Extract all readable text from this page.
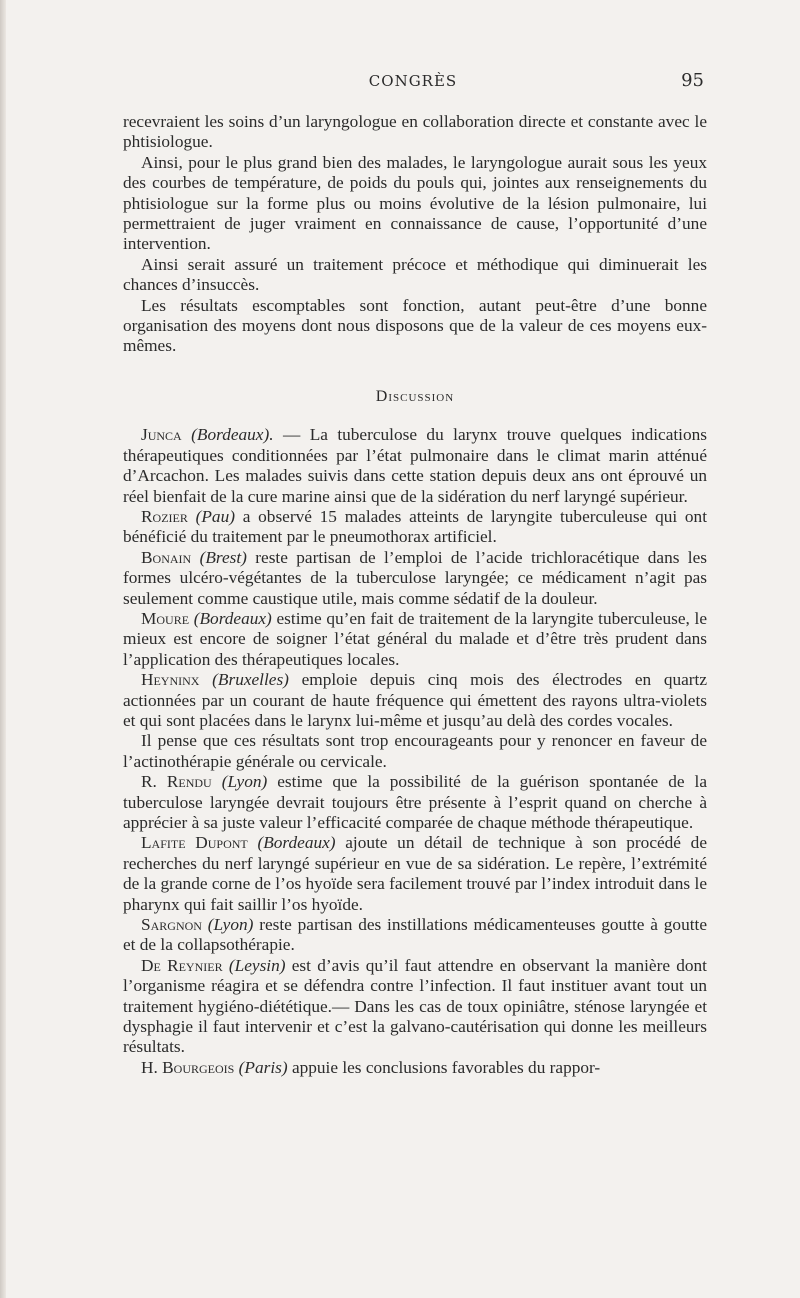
CONGRÈS	95

recevraient les soins d’un laryngologue en collaboration directe et constante avec le phtisiologue.

Ainsi, pour le plus grand bien des malades, le laryngologue aurait sous les yeux des courbes de température, de poids du pouls qui, jointes aux renseignements du phtisiologue sur la forme plus ou moins évolutive de la lésion pulmonaire, lui permettraient de juger vraiment en connaissance de cause, l’opportunité d’une intervention.

Ainsi serait assuré un traitement précoce et méthodique qui diminuerait les chances d’insuccès.

Les résultats escomptables sont fonction, autant peut-être d’une bonne organisation des moyens dont nous disposons que de la valeur de ces moyens eux-mêmes.

Discussion

Junca (Bordeaux). — La tuberculose du larynx trouve quelques indications thérapeutiques conditionnées par l’état pulmonaire dans le climat marin atténué d’Arcachon. Les malades suivis dans cette station depuis deux ans ont éprouvé un réel bienfait de la cure marine ainsi que de la sidération du nerf laryngé supérieur.

Rozier (Pau) a observé 15 malades atteints de laryngite tuberculeuse qui ont bénéficié du traitement par le pneumothorax artificiel.

Bonain (Brest) reste partisan de l’emploi de l’acide trichloracétique dans les formes ulcéro-végétantes de la tuberculose laryngée; ce médicament n’agit pas seulement comme caustique utile, mais comme sédatif de la douleur.

Moure (Bordeaux) estime qu’en fait de traitement de la laryngite tuberculeuse, le mieux est encore de soigner l’état général du malade et d’être très prudent dans l’application des thérapeutiques locales.

Heyninx (Bruxelles) emploie depuis cinq mois des électrodes en quartz actionnées par un courant de haute fréquence qui émettent des rayons ultra-violets et qui sont placées dans le larynx lui-même et jusqu’au delà des cordes vocales.

Il pense que ces résultats sont trop encourageants pour y renoncer en faveur de l’actinothérapie générale ou cervicale.

R. Rendu (Lyon) estime que la possibilité de la guérison spontanée de la tuberculose laryngée devrait toujours être présente à l’esprit quand on cherche à apprécier à sa juste valeur l’efficacité comparée de chaque méthode thérapeutique.

Lafite Dupont (Bordeaux) ajoute un détail de technique à son procédé de recherches du nerf laryngé supérieur en vue de sa sidération. Le repère, l’extrémité de la grande corne de l’os hyoïde sera facilement trouvé par l’index introduit dans le pharynx qui fait saillir l’os hyoïde.

Sargnon (Lyon) reste partisan des instillations médicamenteuses goutte à goutte et de la collapsothérapie.

De Reynier (Leysin) est d’avis qu’il faut attendre en observant la manière dont l’organisme réagira et se défendra contre l’infection. Il faut instituer avant tout un traitement hygiéno-diététique.— Dans les cas de toux opiniâtre, sténose laryngée et dysphagie il faut intervenir et c’est la galvano-cautérisation qui donne les meilleurs résultats.

H. Bourgeois (Paris) appuie les conclusions favorables du rappor-
